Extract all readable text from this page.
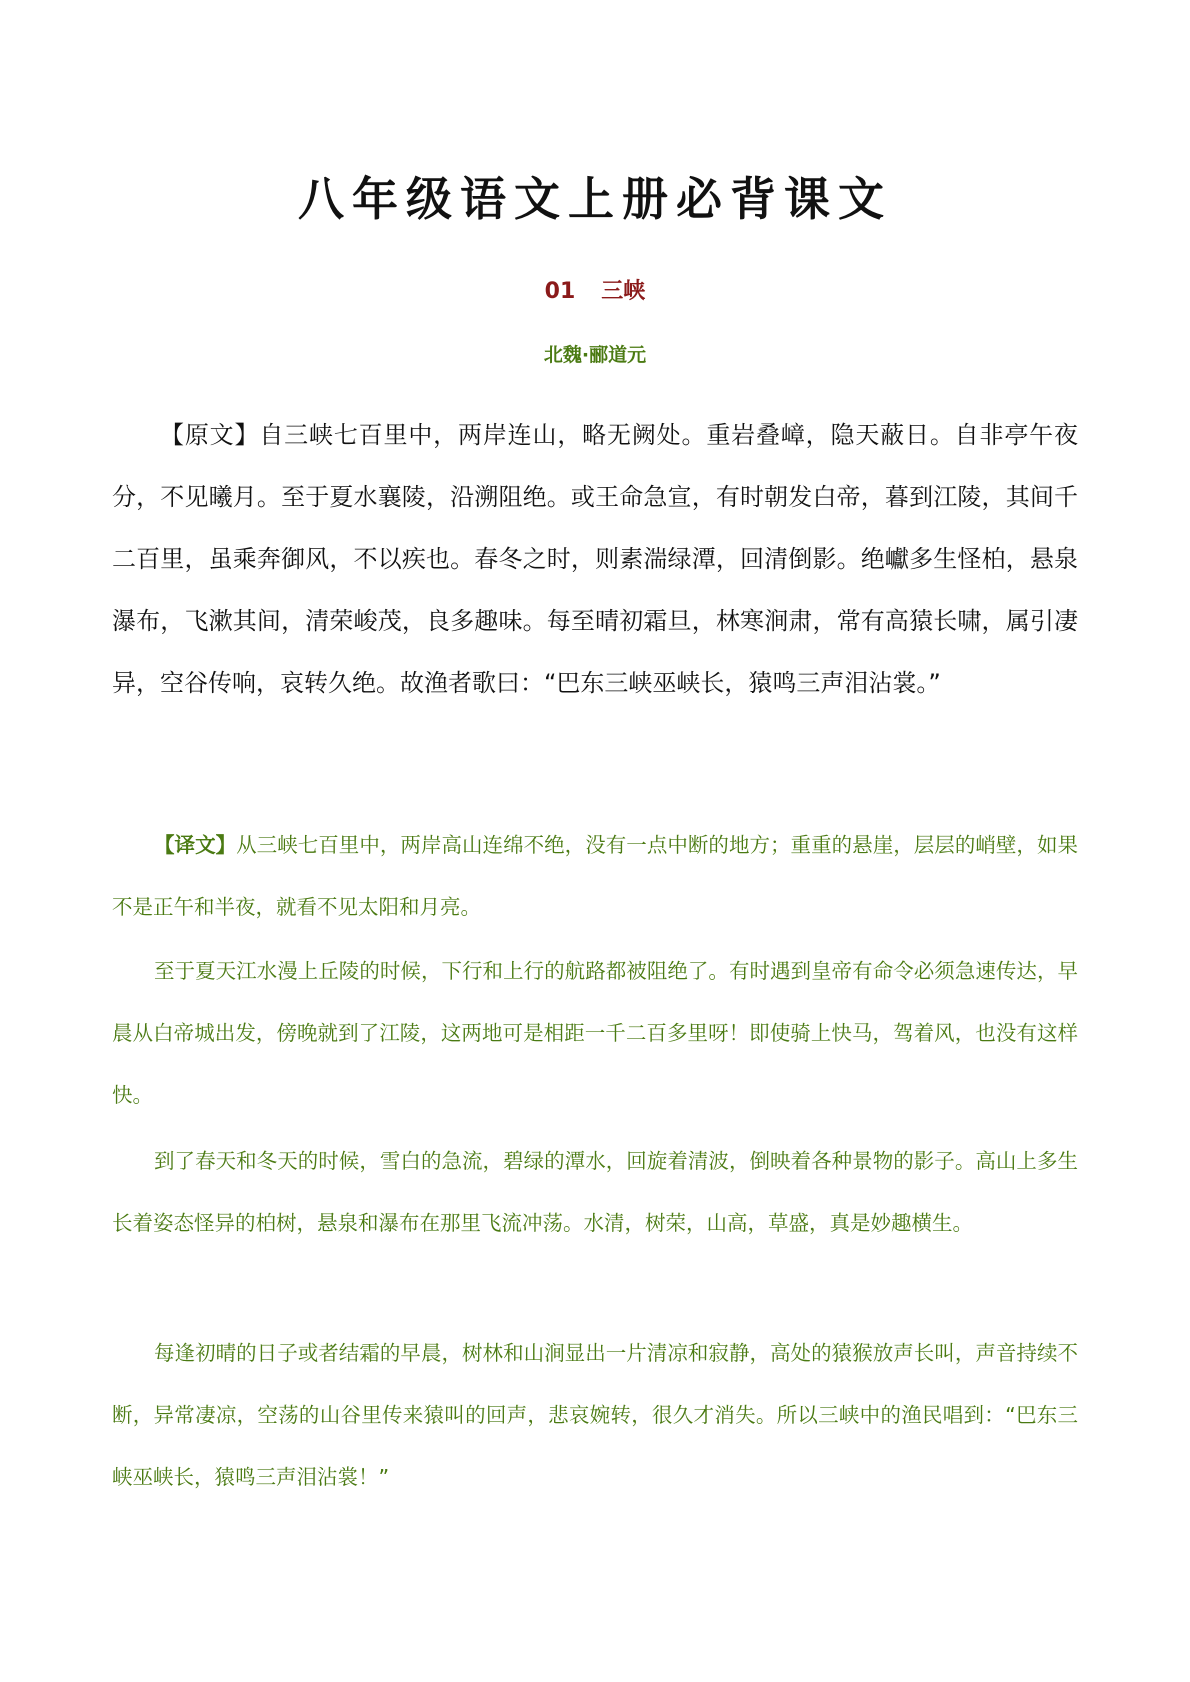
八年级语文上册必背课文
01 三峡
北魏·郦道元

【原文】自三峡七百里中，两岸连山，略无阙处。重岩叠嶂，隐天蔽日。自非亭午夜分，不见曦月。至于夏水襄陵，沿溯阻绝。或王命急宣，有时朝发白帝，暮到江陵，其间千二百里，虽乘奔御风，不以疾也。春冬之时，则素湍绿潭，回清倒影。绝巘多生怪柏，悬泉瀑布，飞漱其间，清荣峻茂，良多趣味。每至晴初霜旦，林寒涧肃，常有高猿长啸，属引凄异，空谷传响，哀转久绝。故渔者歌曰：“巴东三峡巫峡长，猿鸣三声泪沾裳。”

【译文】从三峡七百里中，两岸高山连绵不绝，没有一点中断的地方；重重的悬崖，层层的峭壁，如果不是正午和半夜，就看不见太阳和月亮。

至于夏天江水漫上丘陵的时候，下行和上行的航路都被阻绝了。有时遇到皇帝有命令必须急速传达，早晨从白帝城出发，傍晚就到了江陵，这两地可是相距一千二百多里呀！即使骑上快马，驾着风，也没有这样快。

到了春天和冬天的时候，雪白的急流，碧绿的潭水，回旋着清波，倒映着各种景物的影子。高山上多生长着姿态怪异的柏树，悬泉和瀑布在那里飞流冲荡。水清，树荣，山高，草盛，真是妙趣横生。

每逢初晴的日子或者结霜的早晨，树林和山涧显出一片清凉和寂静，高处的猿猴放声长叫，声音持续不断，异常凄凉，空荡的山谷里传来猿叫的回声，悲哀婉转，很久才消失。所以三峡中的渔民唱到：“巴东三峡巫峡长，猿鸣三声泪沾裳！”
